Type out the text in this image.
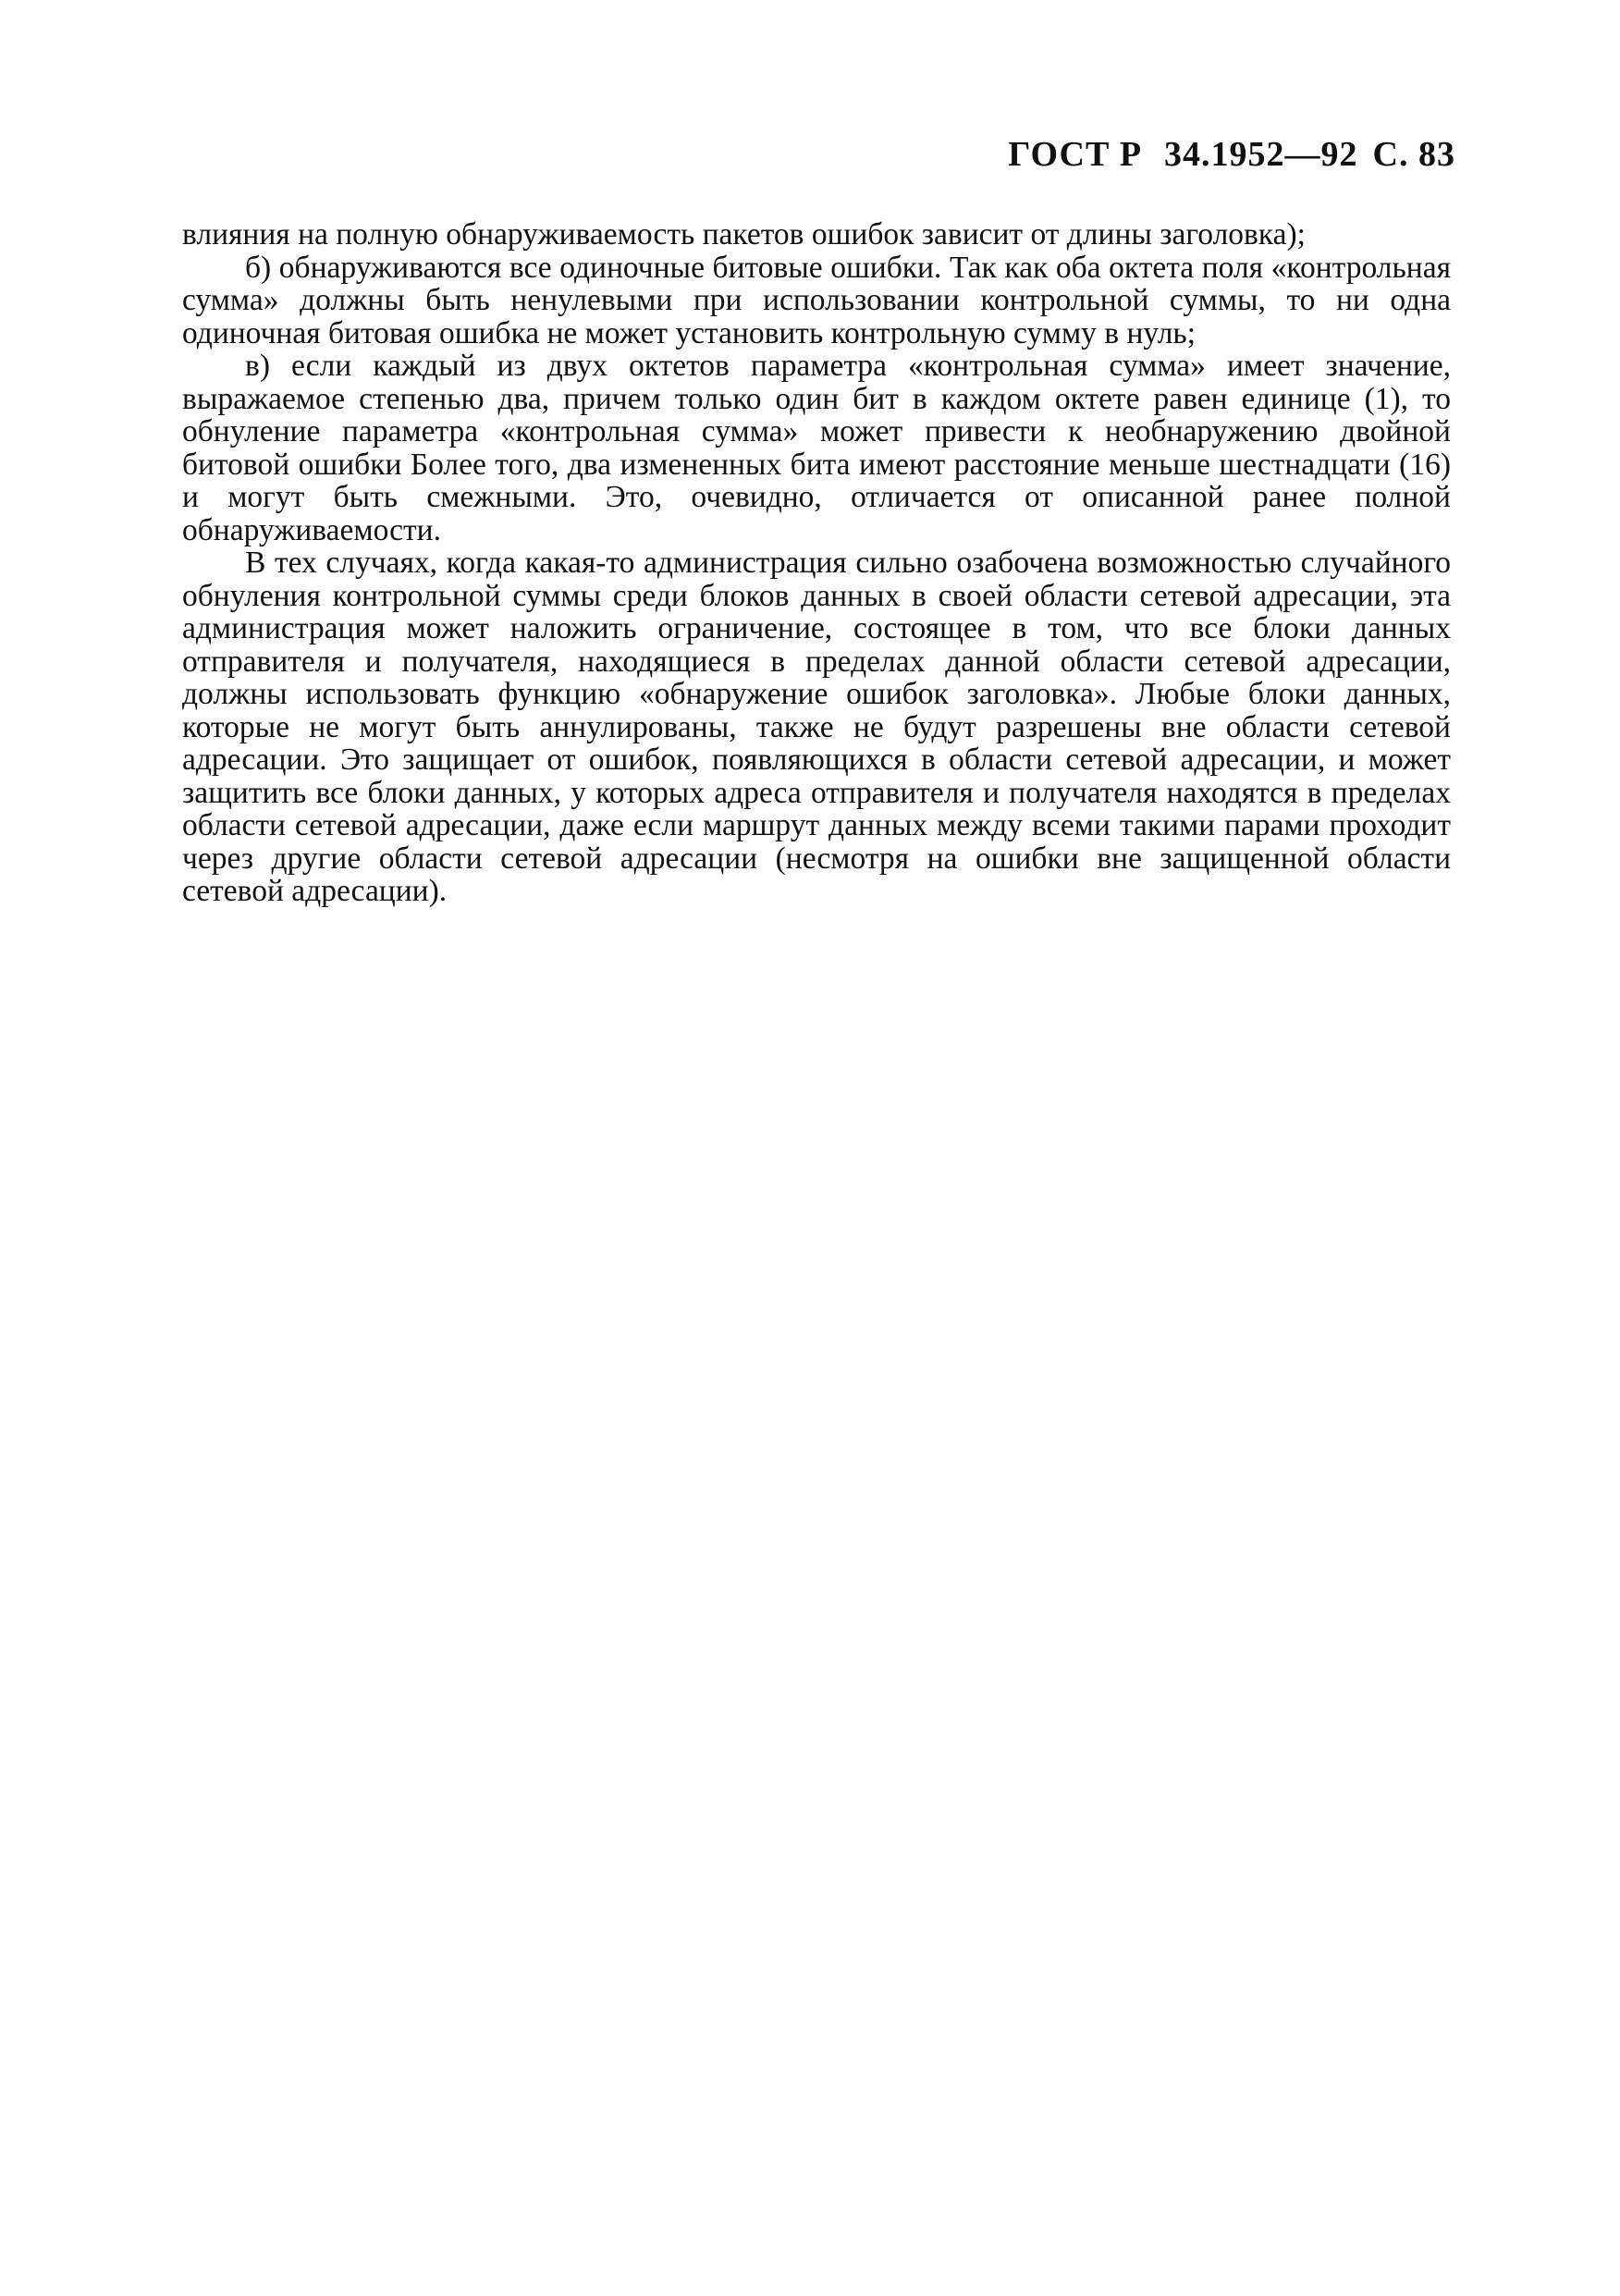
ГОСТ Р 34.1952—92 С. 83

влияния на полную обнаруживаемость пакетов ошибок зависит от длины заголовка);

б) обнаруживаются все одиночные битовые ошибки. Так как оба октета поля «контрольная сумма» должны быть ненулевыми при использовании контрольной суммы, то ни одна одиночная битовая ошибка не может установить контрольную сумму в нуль;

в) если каждый из двух октетов параметра «контрольная сумма» имеет значение, выражаемое степенью два, причем только один бит в каждом октете равен единице (1), то обнуление параметра «контрольная сумма» может привести к необнаружению двойной битовой ошибки Более того, два измененных бита имеют расстояние меньше шестнадцати (16) и могут быть смежными. Это, очевидно, отличается от описанной ранее полной обнаруживаемости.

В тех случаях, когда какая-то администрация сильно озабочена возможностью случайного обнуления контрольной суммы среди блоков данных в своей области сетевой адресации, эта администрация может наложить ограничение, состоящее в том, что все блоки данных отправителя и получателя, находящиеся в пределах данной области сетевой адресации, должны использовать функцию «обнаружение ошибок заголовка». Любые блоки данных, которые не могут быть аннулированы, также не будут разрешены вне области сетевой адресации. Это защищает от ошибок, появляющихся в области сетевой адресации, и может защитить все блоки данных, у которых адреса отправителя и получателя находятся в пределах области сетевой адресации, даже если маршрут данных между всеми такими парами проходит через другие области сетевой адресации (несмотря на ошибки вне защищенной области сетевой адресации).
